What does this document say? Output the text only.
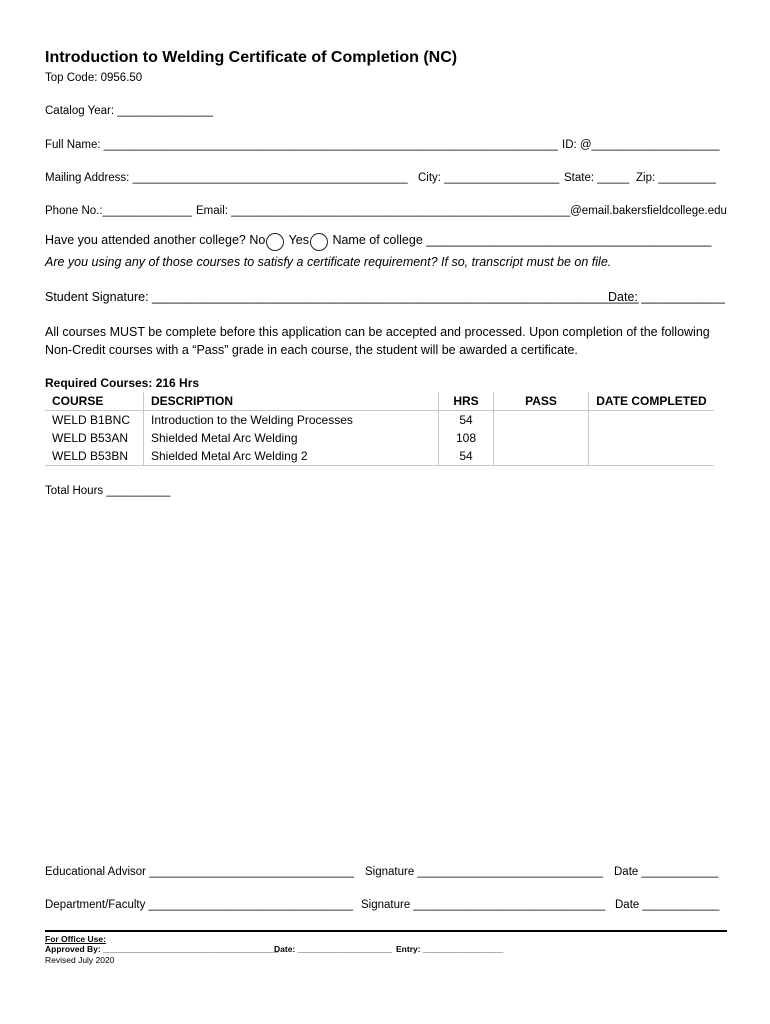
Introduction to Welding Certificate of Completion (NC)
Top Code: 0956.50
Catalog Year: _______________
Full Name: _______________________________________________________________________ ID: @____________________
Mailing Address: ___________________________________________ City: __________________ State: _____ Zip: _________
Phone No.:______________ Email: _____________________________________________________@email.bakersfieldcollege.edu
Have you attended another college? No Yes Name of college _________________________________________
Are you using any of those courses to satisfy a certificate requirement? If so, transcript must be on file.
Student Signature: ______________________________________________________________________
Date: ____________
All courses MUST be complete before this application can be accepted and processed. Upon completion of the following Non-Credit courses with a “Pass” grade in each course, the student will be awarded a certificate.
Required Courses: 216 Hrs
COURSE	DESCRIPTION	HRS	PASS	DATE COMPLETED
WELD B1BNC	Introduction to the Welding Processes	54		
WELD B53AN	Shielded Metal Arc Welding	108		
WELD B53BN	Shielded Metal Arc Welding 2	54		
Total Hours __________
Educational Advisor ________________________________ Signature _____________________________ Date ____________
Department/Faculty ________________________________ Signature ______________________________ Date ____________
For Office Use:
Approved By: _____________________________________
Date: ____________________ Entry: _________________
Revised July 2020
